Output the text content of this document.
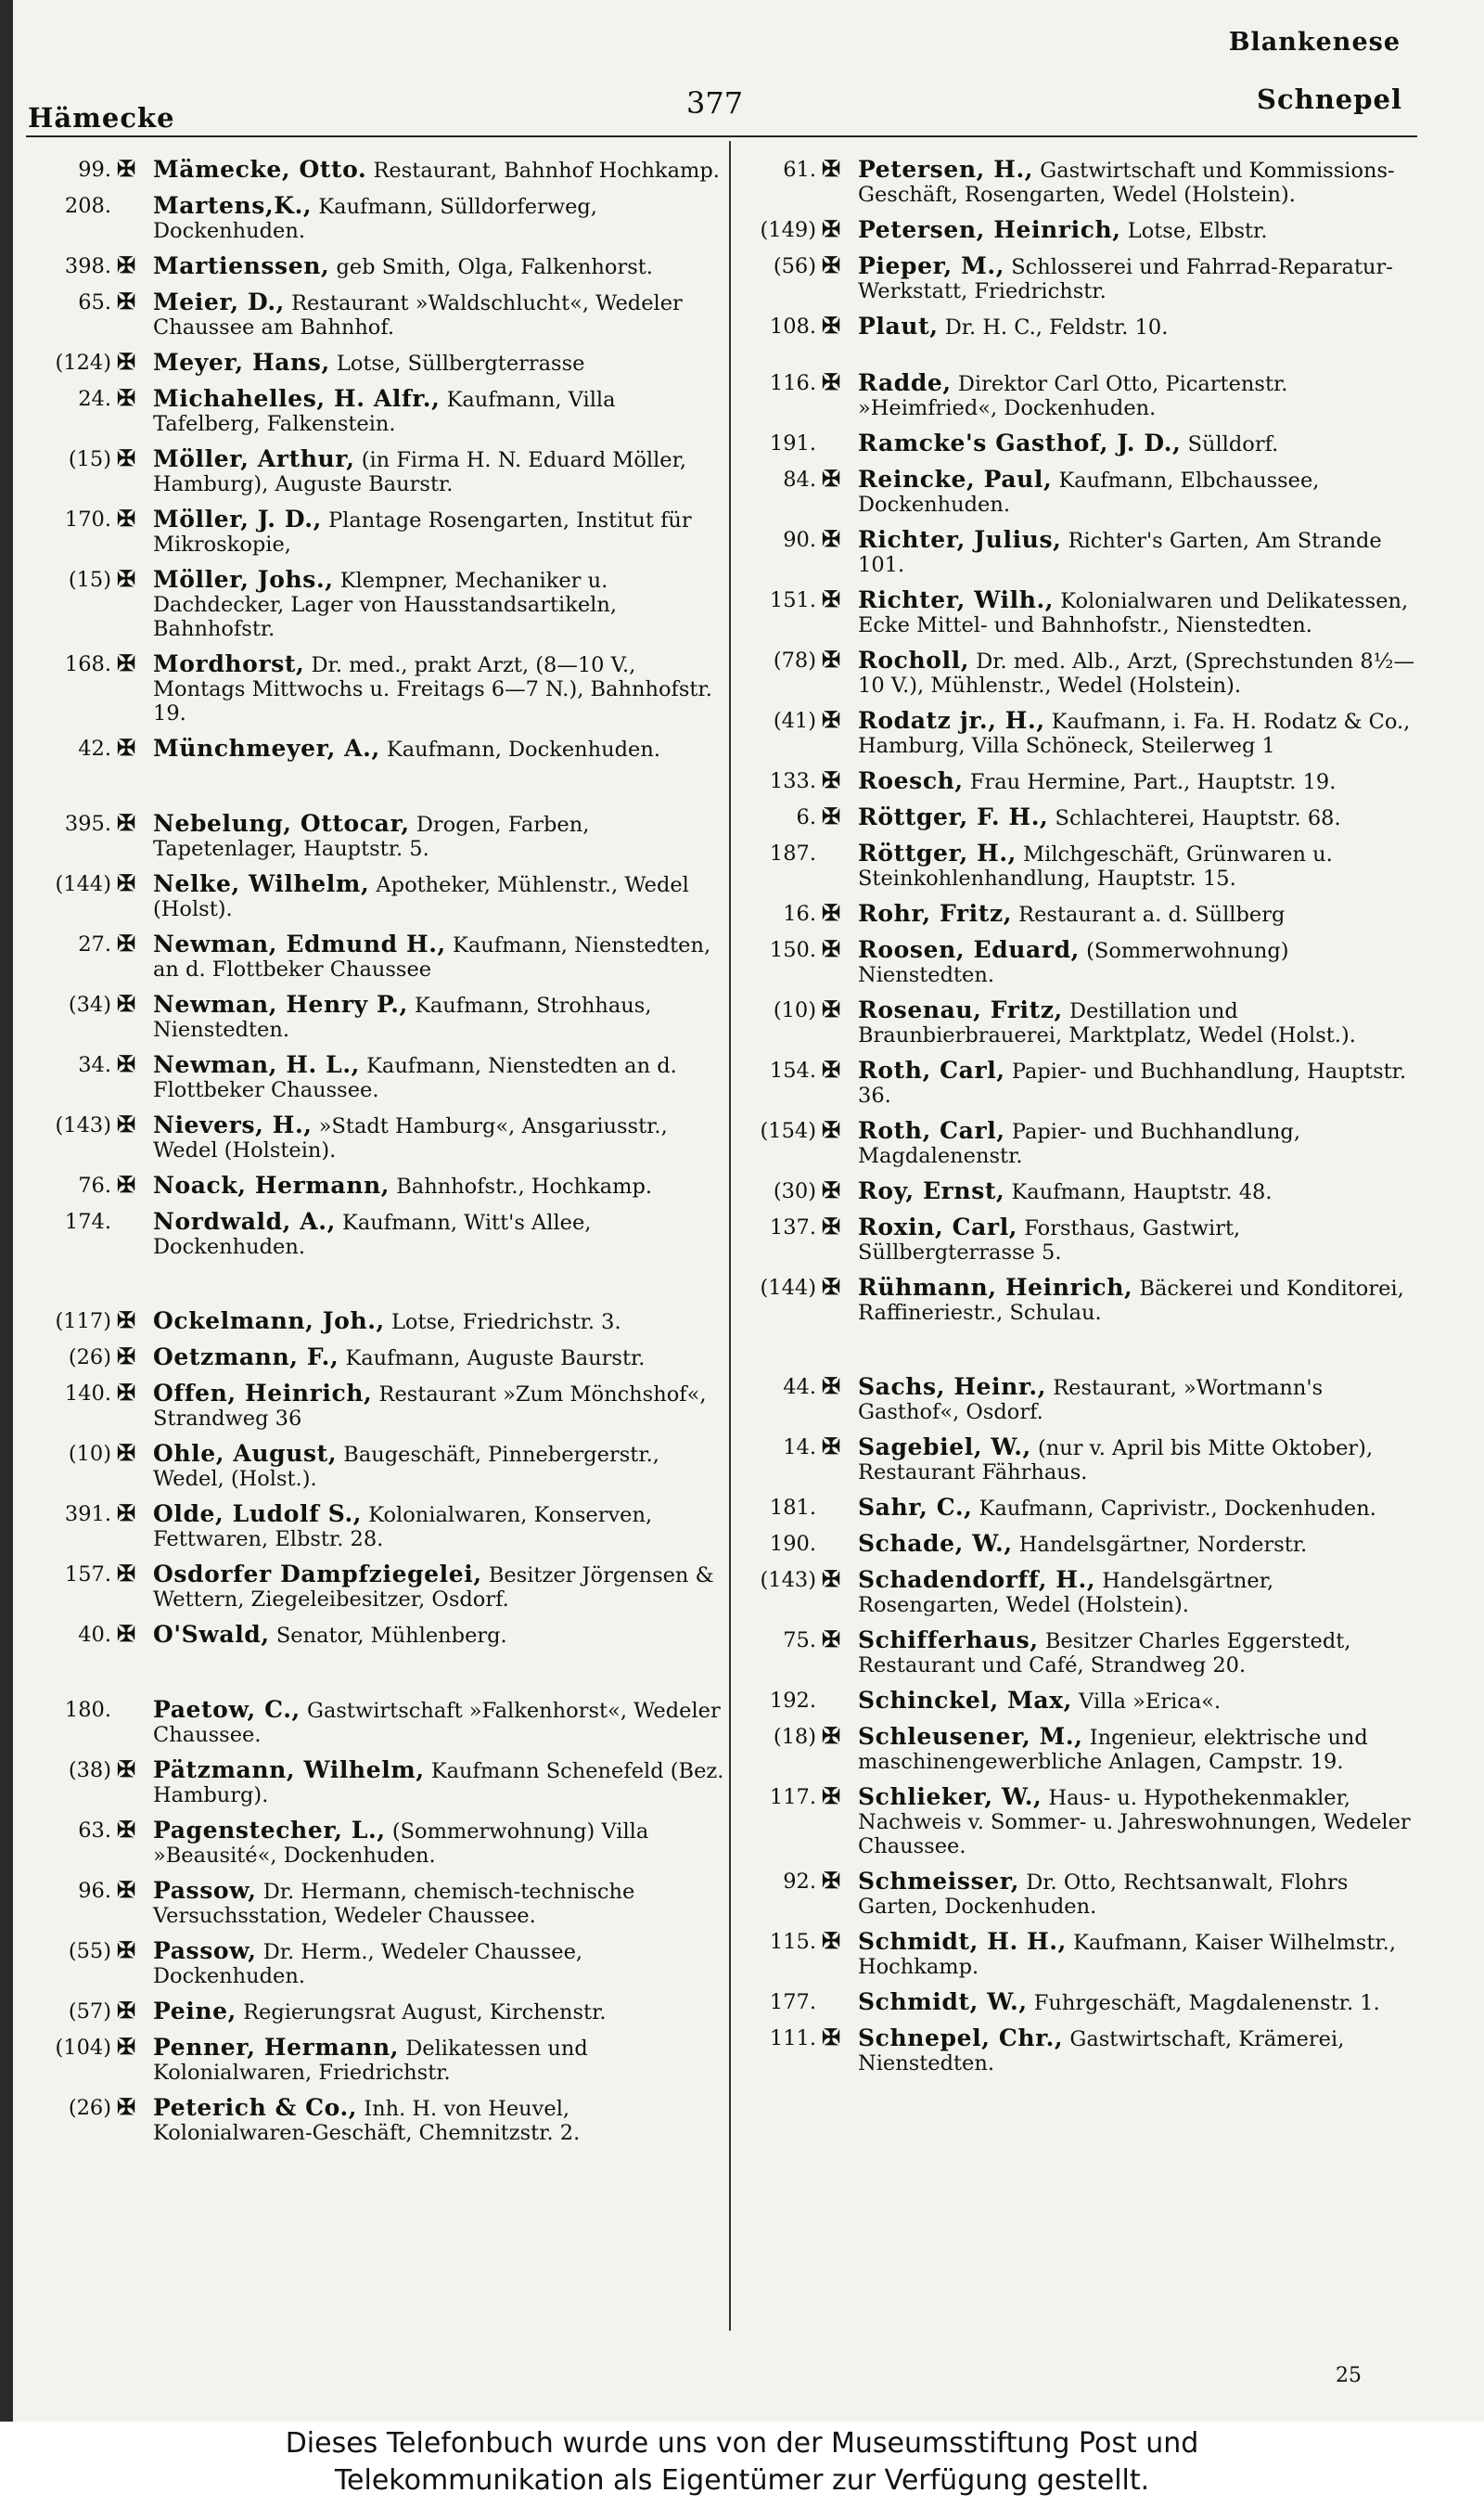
Blankenese
377
Hämecke
Schnepel
99. ✠ Mämecke, Otto. Restaurant, Bahnhof Hochkamp.
208. Martens,K., Kaufmann, Sülldorferweg, Dockenhuden.
398. ✠ Martienssen, geb Smith, Olga, Falkenhorst.
65. ✠ Meier, D., Restaurant »Waldschlucht«, Wedeler Chaussee am Bahnhof.
(124) ✠ Meyer, Hans, Lotse, Süllbergterrasse
24. ✠ Michahelles, H. Alfr., Kaufmann, Villa Tafelberg, Falkenstein.
(15) ✠ Möller, Arthur, (in Firma H. N. Eduard Möller, Hamburg), Auguste Baurstr.
170. ✠ Möller, J. D., Plantage Rosengarten, Institut für Mikroskopie,
(15) ✠ Möller, Johs., Klempner, Mechaniker u. Dachdecker, Lager von Hausstandsartikeln, Bahnhofstr.
168. ✠ Mordhorst, Dr. med., prakt Arzt, (8—10 V., Montags Mittwochs u. Freitags 6—7 N.), Bahnhofstr. 19.
42. ✠ Münchmeyer, A., Kaufmann, Dockenhuden.
395. ✠ Nebelung, Ottocar, Drogen, Farben, Tapetenlager, Hauptstr. 5.
(144) ✠ Nelke, Wilhelm, Apotheker, Mühlenstr., Wedel (Holst).
27. ✠ Newman, Edmund H., Kaufmann, Nienstedten, an d. Flottbeker Chaussee
(34) ✠ Newman, Henry P., Kaufmann, Strohhaus, Nienstedten.
34. ✠ Newman, H. L., Kaufmann, Nienstedten an d. Flottbeker Chaussee.
(143) ✠ Nievers, H., »Stadt Hamburg«, Ansgariusstr., Wedel (Holstein).
76. ✠ Noack, Hermann, Bahnhofstr., Hochkamp.
174. Nordwald, A., Kaufmann, Witt's Allee, Dockenhuden.
(117) ✠ Ockelmann, Joh., Lotse, Friedrichstr. 3.
(26) ✠ Oetzmann, F., Kaufmann, Auguste Baurstr.
140. ✠ Offen, Heinrich, Restaurant »Zum Mönchshof«, Strandweg 36
(10) ✠ Ohle, August, Baugeschäft, Pinnebergerstr., Wedel, (Holst.).
391. ✠ Olde, Ludolf S., Kolonialwaren, Konserven, Fettwaren, Elbstr. 28.
157. ✠ Osdorfer Dampfziegelei, Besitzer Jörgensen & Wettern, Ziegeleibesitzer, Osdorf.
40. ✠ O'Swald, Senator, Mühlenberg.
180. Paetow, C., Gastwirtschaft »Falkenhorst«, Wedeler Chaussee.
(38) ✠ Pätzmann, Wilhelm, Kaufmann Schenefeld (Bez. Hamburg).
63. ✠ Pagenstecher, L., (Sommerwohnung) Villa »Beausité«, Dockenhuden.
96. ✠ Passow, Dr. Hermann, chemisch-technische Versuchsstation, Wedeler Chaussee.
(55) ✠ Passow, Dr. Herm., Wedeler Chaussee, Dockenhuden.
(57) ✠ Peine, Regierungsrat August, Kirchenstr.
(104) ✠ Penner, Hermann, Delikatessen und Kolonialwaren, Friedrichstr.
(26) ✠ Peterich & Co., Inh. H. von Heuvel, Kolonialwaren-Geschäft, Chemnitzstr. 2.
61. ✠ Petersen, H., Gastwirtschaft und Kommissions-Geschäft, Rosengarten, Wedel (Holstein).
(149) ✠ Petersen, Heinrich, Lotse, Elbstr.
(56) ✠ Pieper, M., Schlosserei und Fahrrad-Reparatur-Werkstatt, Friedrichstr.
108. ✠ Plaut, Dr. H. C., Feldstr. 10.
116. ✠ Radde, Direktor Carl Otto, Picartenstr. »Heimfried«, Dockenhuden.
191. Ramcke's Gasthof, J. D., Sülldorf.
84. ✠ Reincke, Paul, Kaufmann, Elbchaussee, Dockenhuden.
90. ✠ Richter, Julius, Richter's Garten, Am Strande 101.
151. ✠ Richter, Wilh., Kolonialwaren und Delikatessen, Ecke Mittel- und Bahnhofstr., Nienstedten.
(78) ✠ Rocholl, Dr. med. Alb., Arzt, (Sprechstunden 8½—10 V.), Mühlenstr., Wedel (Holstein).
(41) ✠ Rodatz jr., H., Kaufmann, i. Fa. H. Rodatz & Co., Hamburg, Villa Schöneck, Steilerweg 1
133. ✠ Roesch, Frau Hermine, Part., Hauptstr. 19.
6. ✠ Röttger, F. H., Schlachterei, Hauptstr. 68.
187. Röttger, H., Milchgeschäft, Grünwaren u. Steinkohlenhandlung, Hauptstr. 15.
16. ✠ Rohr, Fritz, Restaurant a. d. Süllberg
150. ✠ Roosen, Eduard, (Sommerwohnung) Nienstedten.
(10) ✠ Rosenau, Fritz, Destillation und Braunbierbrauerei, Marktplatz, Wedel (Holst.).
154. ✠ Roth, Carl, Papier- und Buchhandlung, Hauptstr. 36.
(154) ✠ Roth, Carl, Papier- und Buchhandlung, Magdalenenstr.
(30) ✠ Roy, Ernst, Kaufmann, Hauptstr. 48.
137. ✠ Roxin, Carl, Forsthaus, Gastwirt, Süllbergterrasse 5.
(144) ✠ Rühmann, Heinrich, Bäckerei und Konditorei, Raffineriestr., Schulau.
44. ✠ Sachs, Heinr., Restaurant, »Wortmann's Gasthof«, Osdorf.
14. ✠ Sagebiel, W., (nur v. April bis Mitte Oktober), Restaurant Fährhaus.
181. Sahr, C., Kaufmann, Caprivistr., Dockenhuden.
190. Schade, W., Handelsgärtner, Norderstr.
(143) ✠ Schadendorff, H., Handelsgärtner, Rosengarten, Wedel (Holstein).
75. ✠ Schifferhaus, Besitzer Charles Eggerstedt, Restaurant und Café, Strandweg 20.
192. Schinckel, Max, Villa »Erica«.
(18) ✠ Schleusener, M., Ingenieur, elektrische und maschinengewerbliche Anlagen, Campstr. 19.
117. ✠ Schlieker, W., Haus- u. Hypothekenmakler, Nachweis v. Sommer- u. Jahreswohnungen, Wedeler Chaussee.
92. ✠ Schmeisser, Dr. Otto, Rechtsanwalt, Flohrs Garten, Dockenhuden.
115. ✠ Schmidt, H. H., Kaufmann, Kaiser Wilhelmstr., Hochkamp.
177. Schmidt, W., Fuhrgeschäft, Magdalenenstr. 1.
111. ✠ Schnepel, Chr., Gastwirtschaft, Krämerei, Nienstedten.
25
Dieses Telefonbuch wurde uns von der Museumsstiftung Post und
Telekommunikation als Eigentümer zur Verfügung gestellt.
